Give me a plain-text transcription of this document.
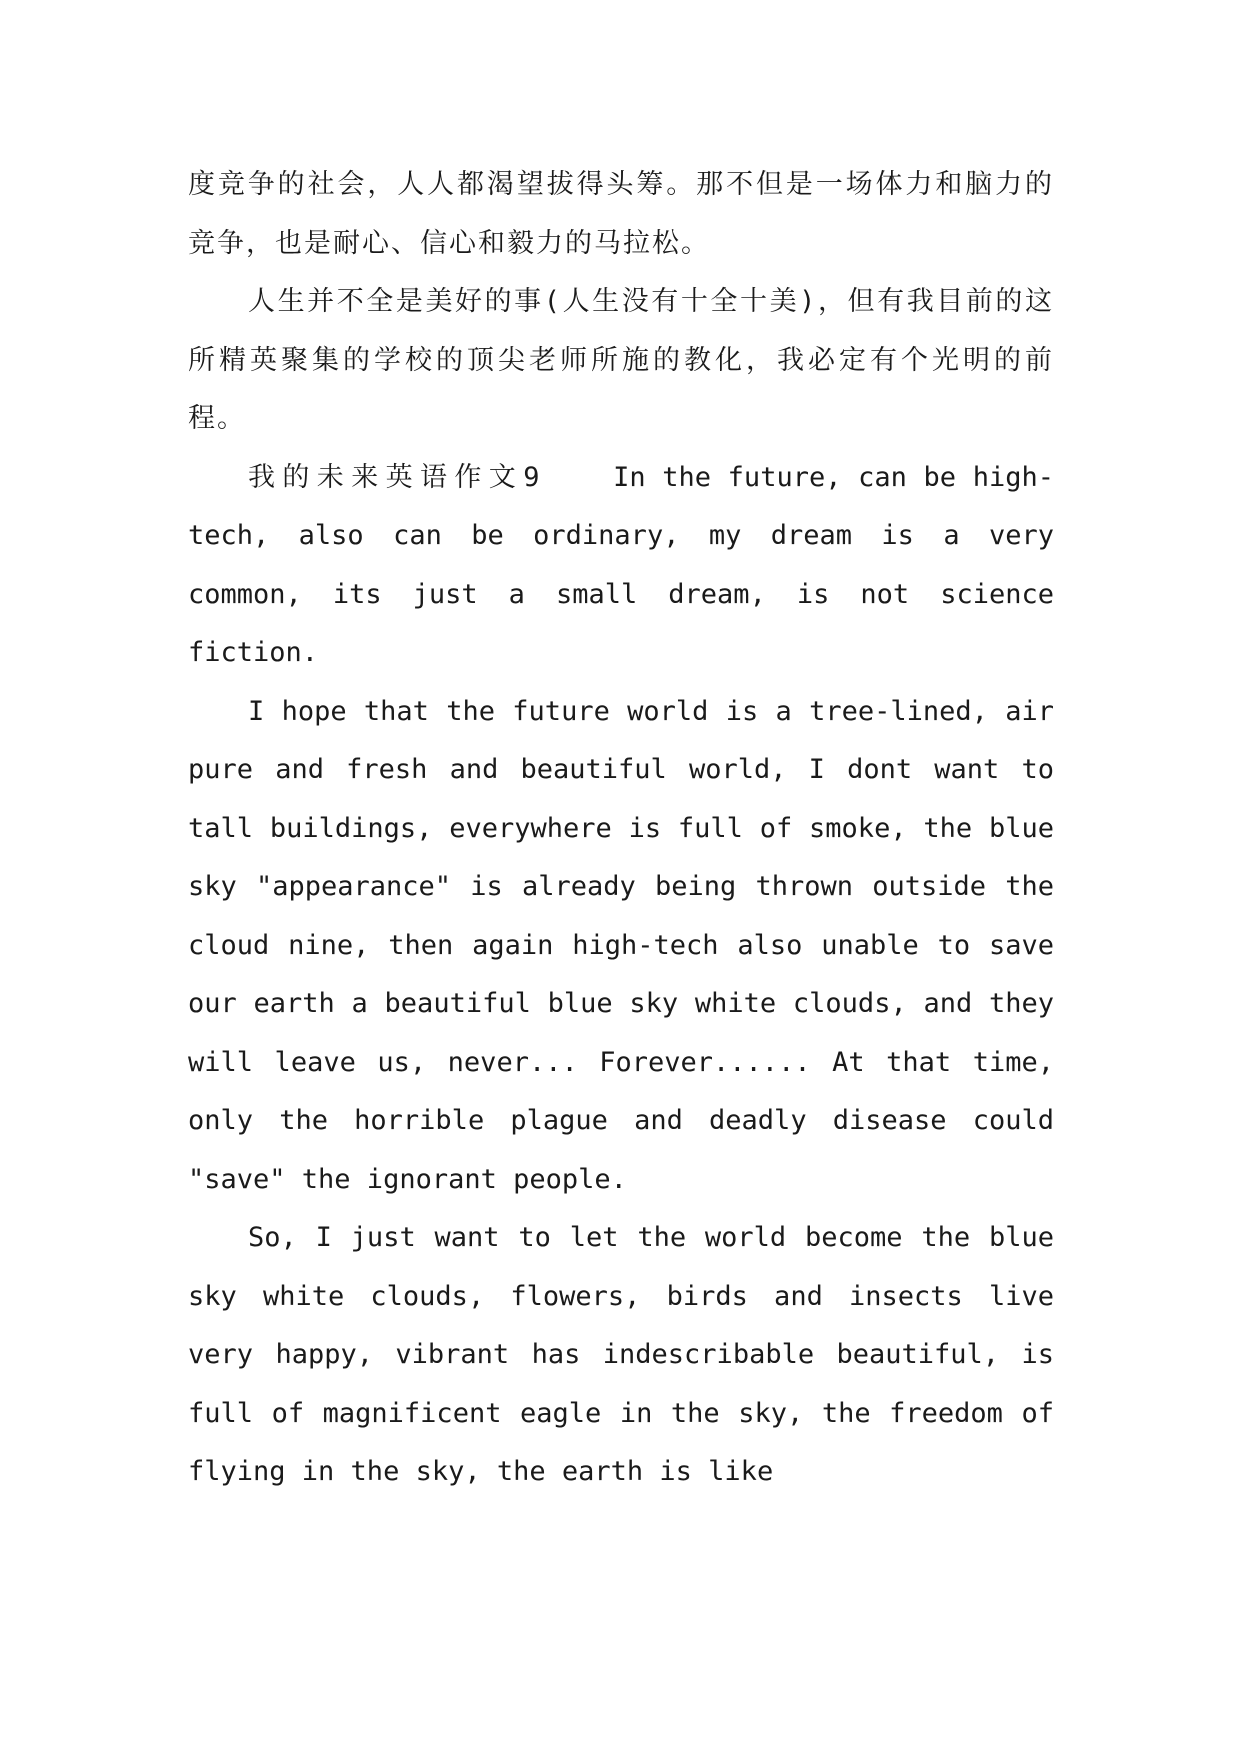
度竞争的社会，人人都渴望拔得头筹。那不但是一场体力和脑力的竞争，也是耐心、信心和毅力的马拉松。

人生并不全是美好的事(人生没有十全十美)，但有我目前的这所精英聚集的学校的顶尖老师所施的教化，我必定有个光明的前程。

我的未来英语作文9 In the future, can be high-tech, also can be ordinary, my dream is a very common, its just a small dream, is not science fiction.

I hope that the future world is a tree-lined, air pure and fresh and beautiful world, I dont want to tall buildings, everywhere is full of smoke, the blue sky "appearance" is already being thrown outside the cloud nine, then again high-tech also unable to save our earth a beautiful blue sky white clouds, and they will leave us, never... Forever...... At that time, only the horrible plague and deadly disease could "save" the ignorant people.

So, I just want to let the world become the blue sky white clouds, flowers, birds and insects live very happy, vibrant has indescribable beautiful, is full of magnificent eagle in the sky, the freedom of flying in the sky, the earth is like
